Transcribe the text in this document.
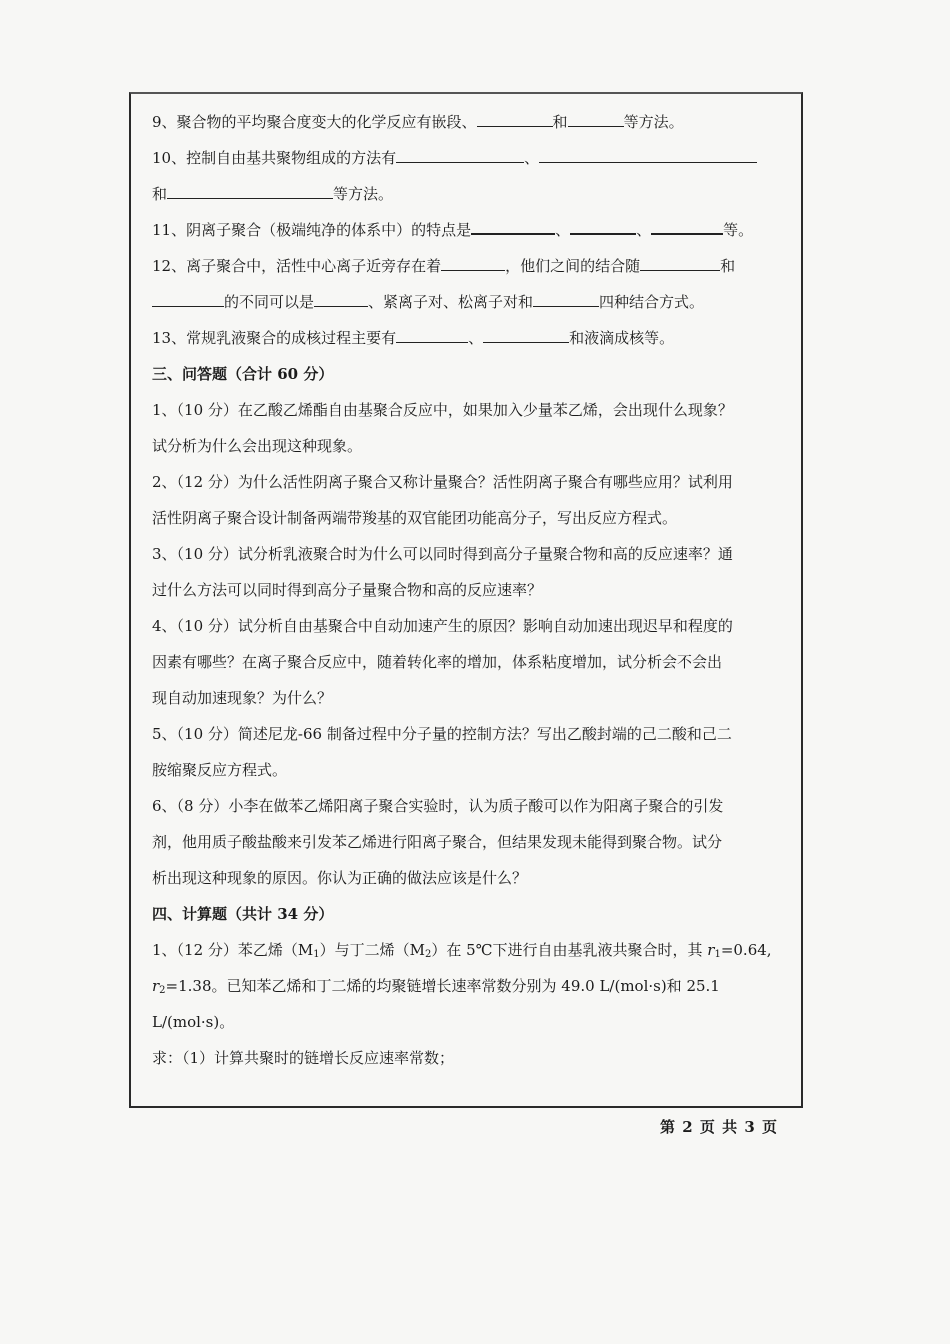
9、聚合物的平均聚合度变大的化学反应有嵌段、	和	等方法。
10、控制自由基共聚物组成的方法有	、
和	等方法。
11、阴离子聚合（极端纯净的体系中）的特点是	、	、	等。
12、离子聚合中，活性中心离子近旁存在着	，他们之间的结合随	和
的不同可以是	、紧离子对、松离子对和	四种结合方式。
13、常规乳液聚合的成核过程主要有	、	和液滴成核等。
三、问答题（合计 60 分）
1、（10 分）在乙酸乙烯酯自由基聚合反应中，如果加入少量苯乙烯，会出现什么现象？
试分析为什么会出现这种现象。
2、（12 分）为什么活性阴离子聚合又称计量聚合？活性阴离子聚合有哪些应用？试利用
活性阴离子聚合设计制备两端带羧基的双官能团功能高分子，写出反应方程式。
3、（10 分）试分析乳液聚合时为什么可以同时得到高分子量聚合物和高的反应速率？通
过什么方法可以同时得到高分子量聚合物和高的反应速率？
4、（10 分）试分析自由基聚合中自动加速产生的原因？影响自动加速出现迟早和程度的
因素有哪些？在离子聚合反应中，随着转化率的增加，体系粘度增加，试分析会不会出
现自动加速现象？为什么？
5、（10 分）简述尼龙-66 制备过程中分子量的控制方法？写出乙酸封端的己二酸和己二
胺缩聚反应方程式。
6、（8 分）小李在做苯乙烯阳离子聚合实验时，认为质子酸可以作为阳离子聚合的引发
剂，他用质子酸盐酸来引发苯乙烯进行阳离子聚合，但结果发现未能得到聚合物。试分
析出现这种现象的原因。你认为正确的做法应该是什么？
四、计算题（共计 34 分）
1、（12 分）苯乙烯$(M_1)$与丁二烯$(M_2)$在 5℃下进行自由基乳液共聚合时，其 $r_1=0.64$,
$r_2=1.38$。已知苯乙烯和丁二烯的均聚链增长速率常数分别为 49.0 L/(mol·s)和 25.1
L/(mol·s)。
求：（1）计算共聚时的链增长反应速率常数；
第 2 页 共 3 页
